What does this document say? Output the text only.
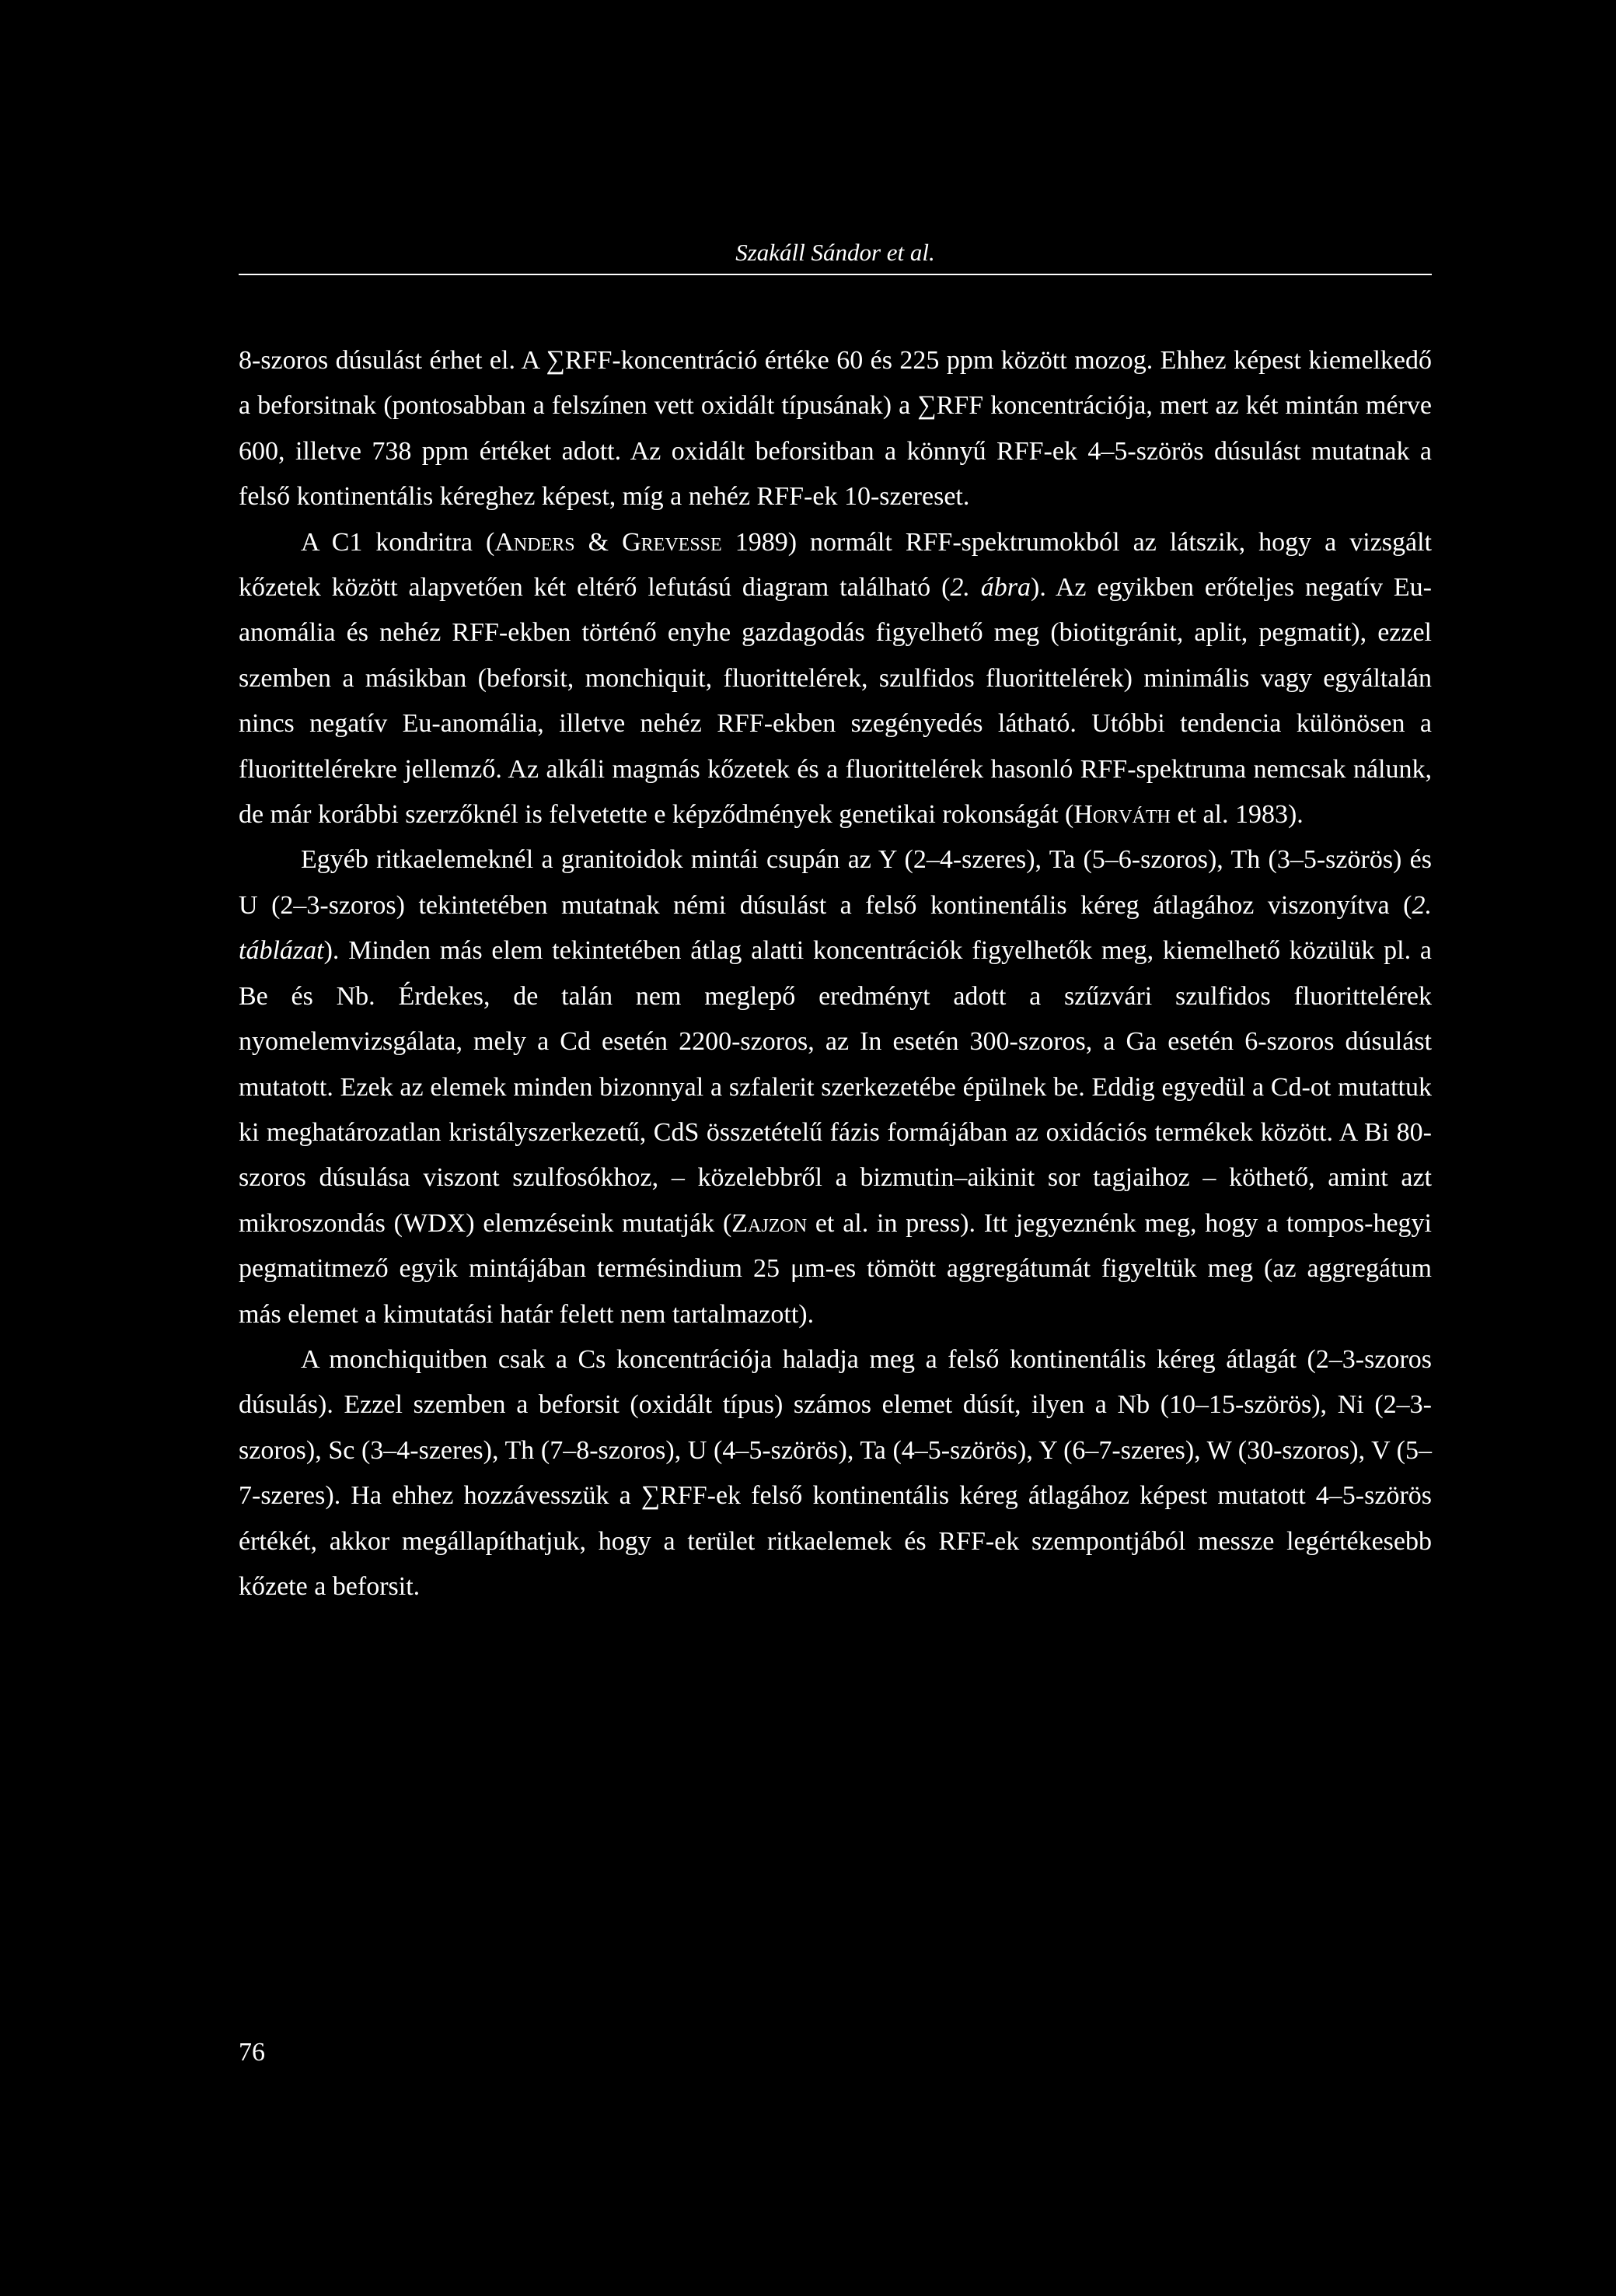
Szakáll Sándor et al.

8-szoros dúsulást érhet el. A ∑RFF-koncentráció értéke 60 és 225 ppm között mozog. Ehhez képest kiemelkedő a beforsitnak (pontosabban a felszínen vett oxidált típusának) a ∑RFF koncentrációja, mert az két mintán mérve 600, illetve 738 ppm értéket adott. Az oxidált beforsitban a könnyű RFF-ek 4–5-szörös dúsulást mutatnak a felső kontinentális kéreghez képest, míg a nehéz RFF-ek 10-szereset.

A C1 kondritra (Anders & Grevesse 1989) normált RFF-spektrumokból az látszik, hogy a vizsgált kőzetek között alapvetően két eltérő lefutású diagram található (2. ábra). Az egyikben erőteljes negatív Eu-anomália és nehéz RFF-ekben történő enyhe gazdagodás figyelhető meg (biotitgránit, aplit, pegmatit), ezzel szemben a másikban (beforsit, monchiquit, fluorittelérek, szulfidos fluorittelérek) minimális vagy egyáltalán nincs negatív Eu-anomália, illetve nehéz RFF-ekben szegényedés látható. Utóbbi tendencia különösen a fluorittelérekre jellemző. Az alkáli magmás kőzetek és a fluorittelérek hasonló RFF-spektruma nemcsak nálunk, de már korábbi szerzőknél is felvetette e képződmények genetikai rokonságát (Horváth et al. 1983).

Egyéb ritkaelemeknél a granitoidok mintái csupán az Y (2–4-szeres), Ta (5–6-szoros), Th (3–5-szörös) és U (2–3-szoros) tekintetében mutatnak némi dúsulást a felső kontinentális kéreg átlagához viszonyítva (2. táblázat). Minden más elem tekintetében átlag alatti koncentrációk figyelhetők meg, kiemelhető közülük pl. a Be és Nb. Érdekes, de talán nem meglepő eredményt adott a szűzvári szulfidos fluorittelérek nyomelemvizsgálata, mely a Cd esetén 2200-szoros, az In esetén 300-szoros, a Ga esetén 6-szoros dúsulást mutatott. Ezek az elemek minden bizonnyal a szfalerit szerkezetébe épülnek be. Eddig egyedül a Cd-ot mutattuk ki meghatározatlan kristályszerkezetű, CdS összetételű fázis formájában az oxidációs termékek között. A Bi 80-szoros dúsulása viszont szulfosókhoz, – közelebbről a bizmutin–aikinit sor tagjaihoz – köthető, amint azt mikroszondás (WDX) elemzéseink mutatják (Zajzon et al. in press). Itt jegyeznénk meg, hogy a tompos-hegyi pegmatitmező egyik mintájában termésindium 25 μm-es tömött aggregátumát figyeltük meg (az aggregátum más elemet a kimutatási határ felett nem tartalmazott).

A monchiquitben csak a Cs koncentrációja haladja meg a felső kontinentális kéreg átlagát (2–3-szoros dúsulás). Ezzel szemben a beforsit (oxidált típus) számos elemet dúsít, ilyen a Nb (10–15-szörös), Ni (2–3-szoros), Sc (3–4-szeres), Th (7–8-szoros), U (4–5-szörös), Ta (4–5-szörös), Y (6–7-szeres), W (30-szoros), V (5–7-szeres). Ha ehhez hozzávesszük a ∑RFF-ek felső kontinentális kéreg átlagához képest mutatott 4–5-szörös értékét, akkor megállapíthatjuk, hogy a terület ritkaelemek és RFF-ek szempontjából messze legértékesebb kőzete a beforsit.

76
